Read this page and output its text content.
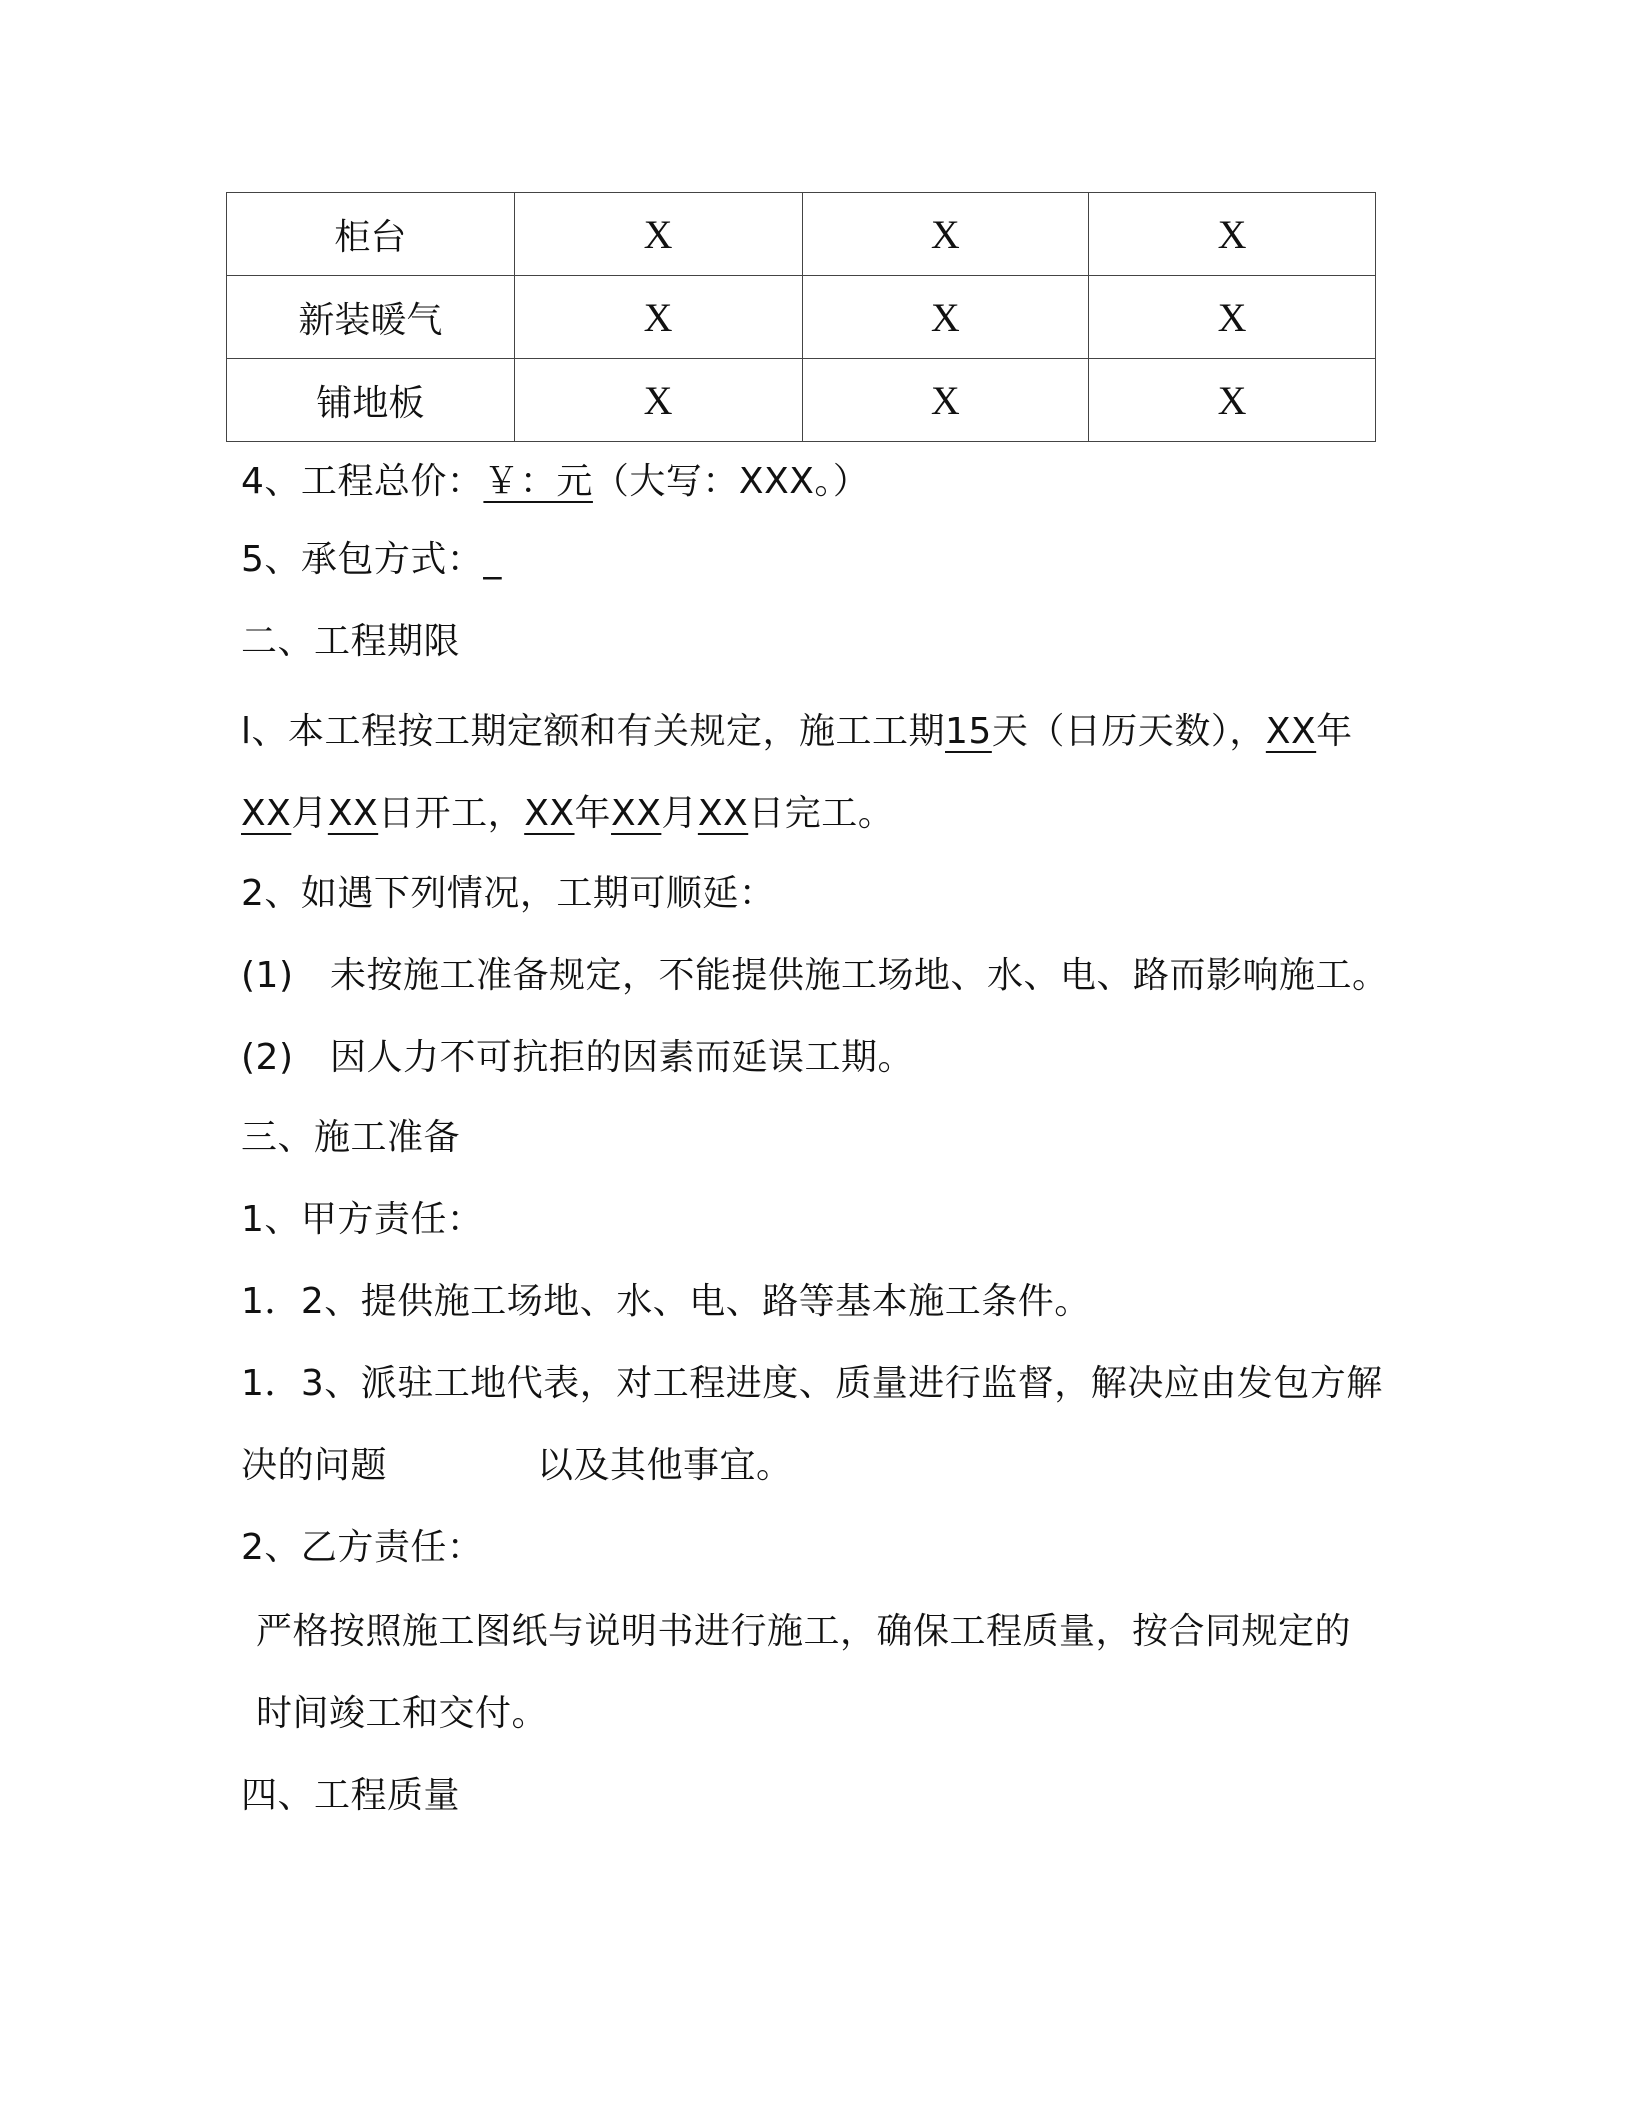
柜台	X	X	X
新装暖气	X	X	X
铺地板	X	X	X
4、工程总价：￥：元（大写：XXX。）
5、承包方式：_
二、工程期限
l、本工程按工期定额和有关规定，施工工期15天（日历天数），XX年
XX月XX日开工，XX年XX月XX日完工。
2、如遇下列情况，工期可顺延：
(1)　未按施工准备规定，不能提供施工场地、水、电、路而影响施工。
(2)　因人力不可抗拒的因素而延误工期。
三、施工准备
1、甲方责任：
1．2、提供施工场地、水、电、路等基本施工条件。
1．3、派驻工地代表，对工程进度、质量进行监督，解决应由发包方解
决的问题	以及其他事宜。
2、乙方责任：
严格按照施工图纸与说明书进行施工，确保工程质量，按合同规定的
时间竣工和交付。
四、工程质量
